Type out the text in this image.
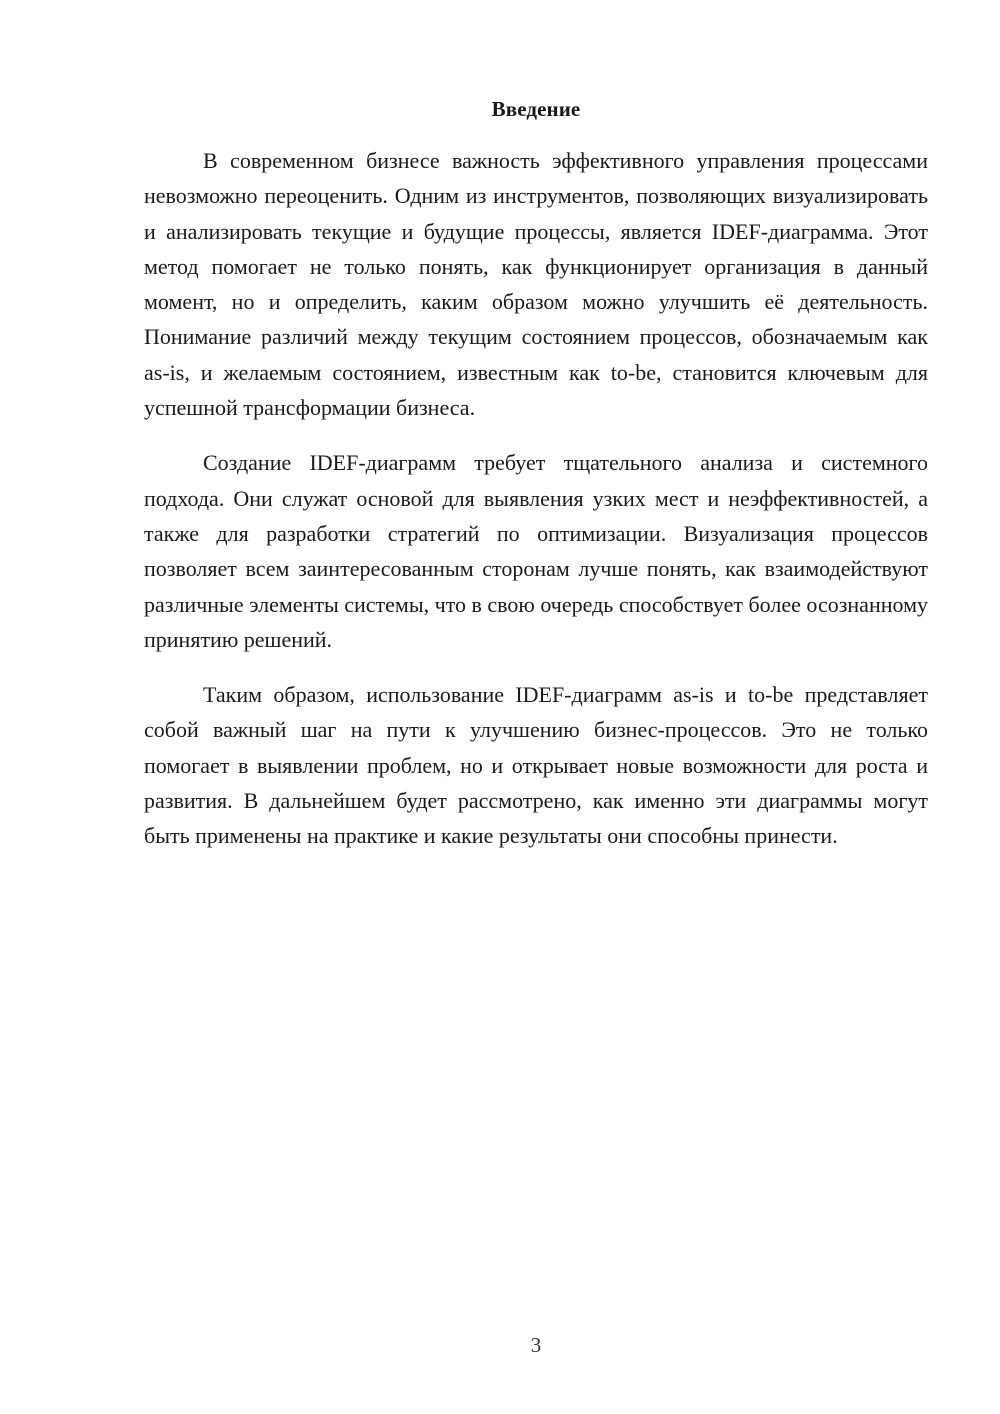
Введение

В современном бизнесе важность эффективного управления процессами невозможно переоценить. Одним из инструментов, позволяющих визуализировать и анализировать текущие и будущие процессы, является IDEF-диаграмма. Этот метод помогает не только понять, как функционирует организация в данный момент, но и определить, каким образом можно улучшить её деятельность. Понимание различий между текущим состоянием процессов, обозначаемым как as-is, и желаемым состоянием, известным как to-be, становится ключевым для успешной трансформации бизнеса.

Создание IDEF-диаграмм требует тщательного анализа и системного подхода. Они служат основой для выявления узких мест и неэффективностей, а также для разработки стратегий по оптимизации. Визуализация процессов позволяет всем заинтересованным сторонам лучше понять, как взаимодействуют различные элементы системы, что в свою очередь способствует более осознанному принятию решений.

Таким образом, использование IDEF-диаграмм as-is и to-be представляет собой важный шаг на пути к улучшению бизнес-процессов. Это не только помогает в выявлении проблем, но и открывает новые возможности для роста и развития. В дальнейшем будет рассмотрено, как именно эти диаграммы могут быть применены на практике и какие результаты они способны принести.

3
